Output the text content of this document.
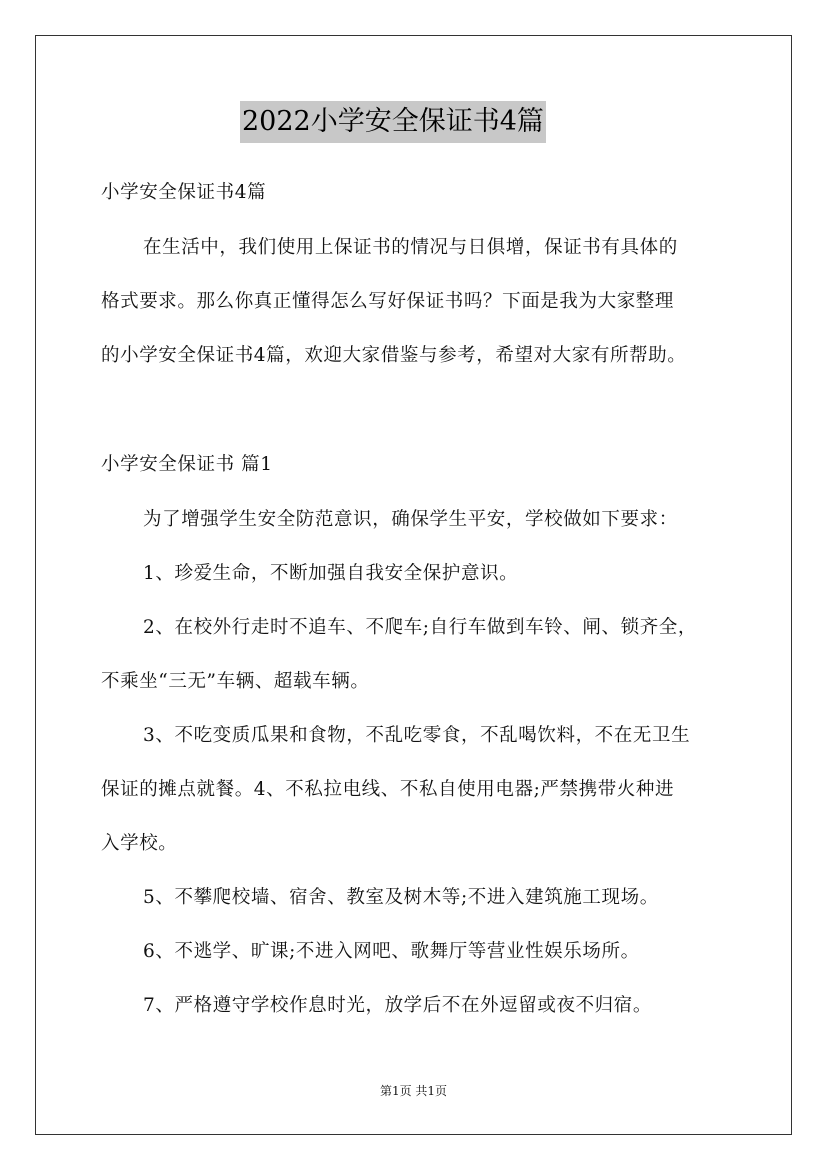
2022小学安全保证书4篇
小学安全保证书4篇
在生活中，我们使用上保证书的情况与日俱增，保证书有具体的
格式要求。那么你真正懂得怎么写好保证书吗？下面是我为大家整理
的小学安全保证书4篇，欢迎大家借鉴与参考，希望对大家有所帮助。
小学安全保证书 篇1
为了增强学生安全防范意识，确保学生平安，学校做如下要求：
1、珍爱生命，不断加强自我安全保护意识。
2、在校外行走时不追车、不爬车;自行车做到车铃、闸、锁齐全，
不乘坐“三无”车辆、超载车辆。
3、不吃变质瓜果和食物，不乱吃零食，不乱喝饮料，不在无卫生
保证的摊点就餐。4、不私拉电线、不私自使用电器;严禁携带火种进
入学校。
5、不攀爬校墙、宿舍、教室及树木等;不进入建筑施工现场。
6、不逃学、旷课;不进入网吧、歌舞厅等营业性娱乐场所。
7、严格遵守学校作息时光，放学后不在外逗留或夜不归宿。
第1页 共1页
